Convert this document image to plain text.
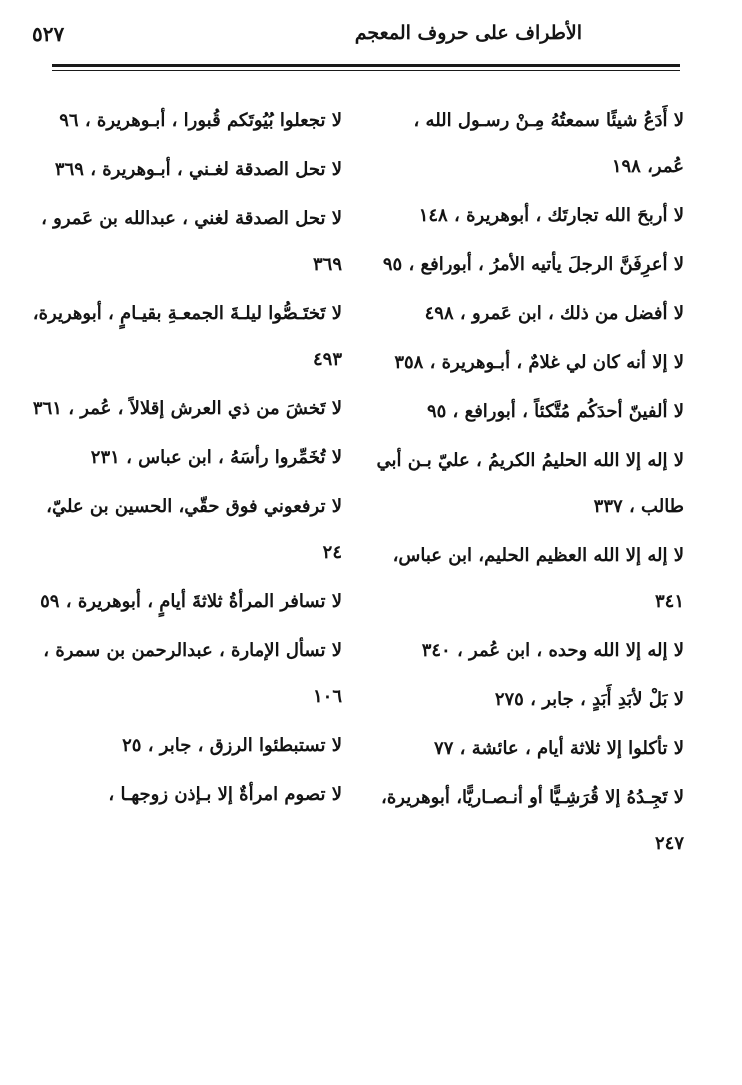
الأطراف على حروف المعجم
٥٢٧
لا أَدَعُ شيئًا سمعتُهُ مِـنْ رسـول الله ، عُمر، ١٩٨
لا أربحَ الله تجارتَك ، أبوهريرة ، ١٤٨
لا أعرِفَنَّ الرجلَ يأتيه الأمرُ ، أبورافع ، ٩٥
لا أفضل من ذلك ، ابن عَمرو ، ٤٩٨
لا إلا أنه كان لي غلامٌ ، أبـوهريرة ، ٣٥٨
لا ألفينّ أحدَكُم مُتَّكئاً ، أبورافع ، ٩٥
لا إله إلا الله الحليمُ الكريمُ ، عليّ بـن أبي طالب ، ٣٣٧
لا إله إلا الله العظيم الحليم، ابن عباس، ٣٤١
لا إله إلا الله وحده ، ابن عُمر ، ٣٤٠
لا بَلْ لأبَدِ أَبَدٍ ، جابر ، ٢٧٥
لا تأكلوا إلا ثلاثة أيام ، عائشة ، ٧٧
لا تَجِـدُهُ إلا قُرَشِـيًّا أو أنـصـاريًّا، أبوهريرة، ٢٤٧
لا تجعلوا بُيُوتَكم قُبورا ، أبـوهريرة ، ٩٦
لا تحل الصدقة لغـني ، أبـوهريرة ، ٣٦٩
لا تحل الصدقة لغني ، عبدالله بن عَمرو ، ٣٦٩
لا تَختَـصُّوا ليلـةَ الجمعـةِ بقيـامٍ ، أبوهريرة، ٤٩٣
لا تَخشَ من ذي العرش إقلالاً ، عُمر ، ٣٦١
لا تُخَمِّروا رأسَهُ ، ابن عباس ، ٢٣١
لا ترفعوني فوق حقّي، الحسين بن عليّ، ٢٤
لا تسافر المرأةُ ثلاثةَ أيامٍ ، أبوهريرة ، ٥٩
لا تسأل الإمارة ، عبدالرحمن بن سمرة ، ١٠٦
لا تستبطئوا الرزق ، جابر ، ٢٥
لا تصوم امرأةٌ إلا بـإذن زوجهـا ،
